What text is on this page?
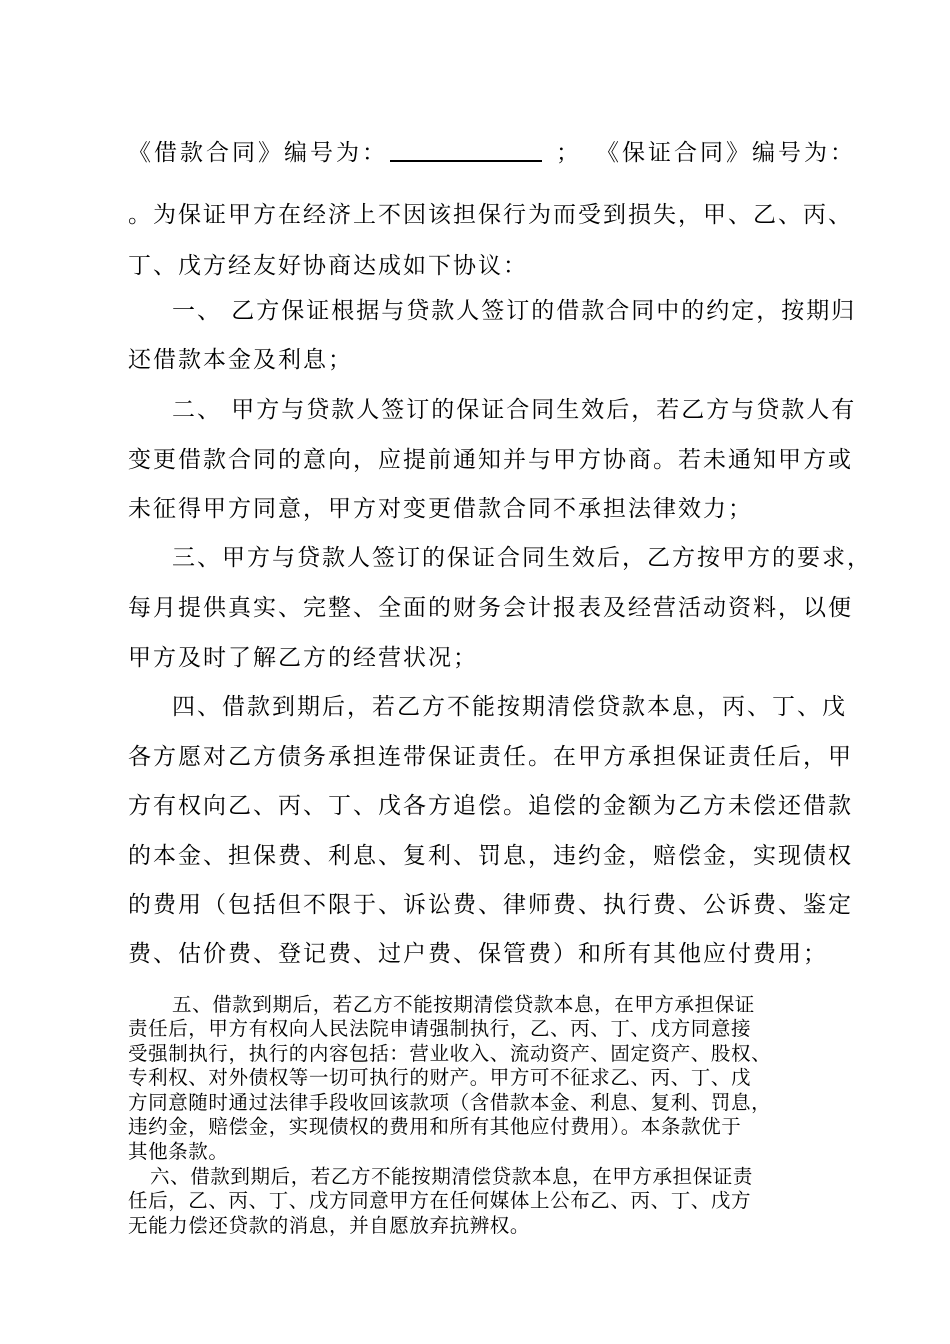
《借款合同》编号为：	； 《保证合同》编号为：
。为保证甲方在经济上不因该担保行为而受到损失，甲、乙、丙、
丁、戊方经友好协商达成如下协议：
一、 乙方保证根据与贷款人签订的借款合同中的约定，按期归
还借款本金及利息；
二、 甲方与贷款人签订的保证合同生效后，若乙方与贷款人有
变更借款合同的意向，应提前通知并与甲方协商。若未通知甲方或
未征得甲方同意，甲方对变更借款合同不承担法律效力；
三、甲方与贷款人签订的保证合同生效后，乙方按甲方的要求，
每月提供真实、完整、全面的财务会计报表及经营活动资料，以便
甲方及时了解乙方的经营状况；
四、借款到期后，若乙方不能按期清偿贷款本息，丙、丁、戊
各方愿对乙方债务承担连带保证责任。在甲方承担保证责任后，甲
方有权向乙、丙、丁、戊各方追偿。追偿的金额为乙方未偿还借款
的本金、担保费、利息、复利、罚息，违约金，赔偿金，实现债权
的费用（包括但不限于、诉讼费、律师费、执行费、公诉费、鉴定
费、估价费、登记费、过户费、保管费）和所有其他应付费用；
五、借款到期后，若乙方不能按期清偿贷款本息，在甲方承担保证
责任后，甲方有权向人民法院申请强制执行，乙、丙、丁、戊方同意接
受强制执行，执行的内容包括：营业收入、流动资产、固定资产、股权、
专利权、对外债权等一切可执行的财产。甲方可不征求乙、丙、丁、戊
方同意随时通过法律手段收回该款项（含借款本金、利息、复利、罚息，
违约金，赔偿金，实现债权的费用和所有其他应付费用）。本条款优于
其他条款。
六、借款到期后，若乙方不能按期清偿贷款本息，在甲方承担保证责
任后，乙、丙、丁、戊方同意甲方在任何媒体上公布乙、丙、丁、戊方
无能力偿还贷款的消息，并自愿放弃抗辨权。
